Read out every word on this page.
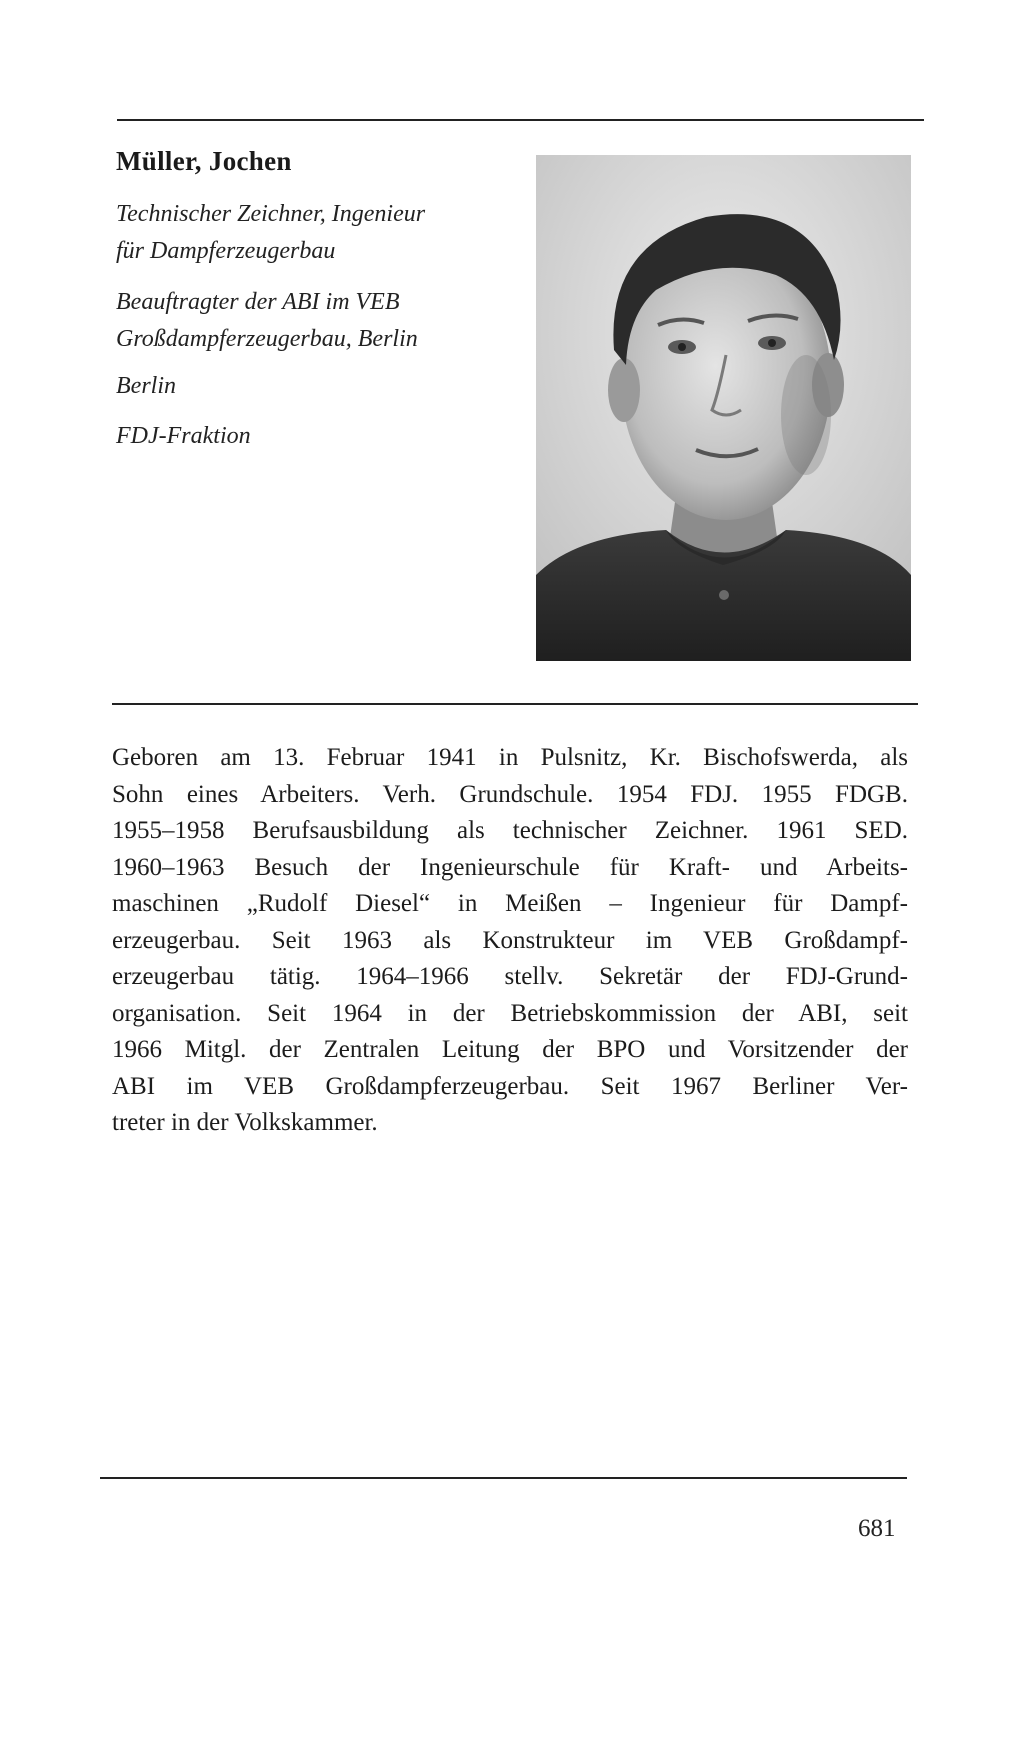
Müller, Jochen
Technischer Zeichner, Ingenieur
für Dampferzeugerbau
Beauftragter der ABI im VEB
Großdampferzeugerbau, Berlin
Berlin
FDJ-Fraktion
Geboren am 13. Februar 1941 in Pulsnitz, Kr. Bischofswerda, als
Sohn eines Arbeiters. Verh. Grundschule. 1954 FDJ. 1955 FDGB.
1955–1958 Berufsausbildung als technischer Zeichner. 1961 SED.
1960–1963 Besuch der Ingenieurschule für Kraft- und Arbeits-
maschinen „Rudolf Diesel“ in Meißen – Ingenieur für Dampf-
erzeugerbau. Seit 1963 als Konstrukteur im VEB Großdampf-
erzeugerbau tätig. 1964–1966 stellv. Sekretär der FDJ-Grund-
organisation. Seit 1964 in der Betriebskommission der ABI, seit
1966 Mitgl. der Zentralen Leitung der BPO und Vorsitzender der
ABI im VEB Großdampferzeugerbau. Seit 1967 Berliner Ver-
treter in der Volkskammer.
681
